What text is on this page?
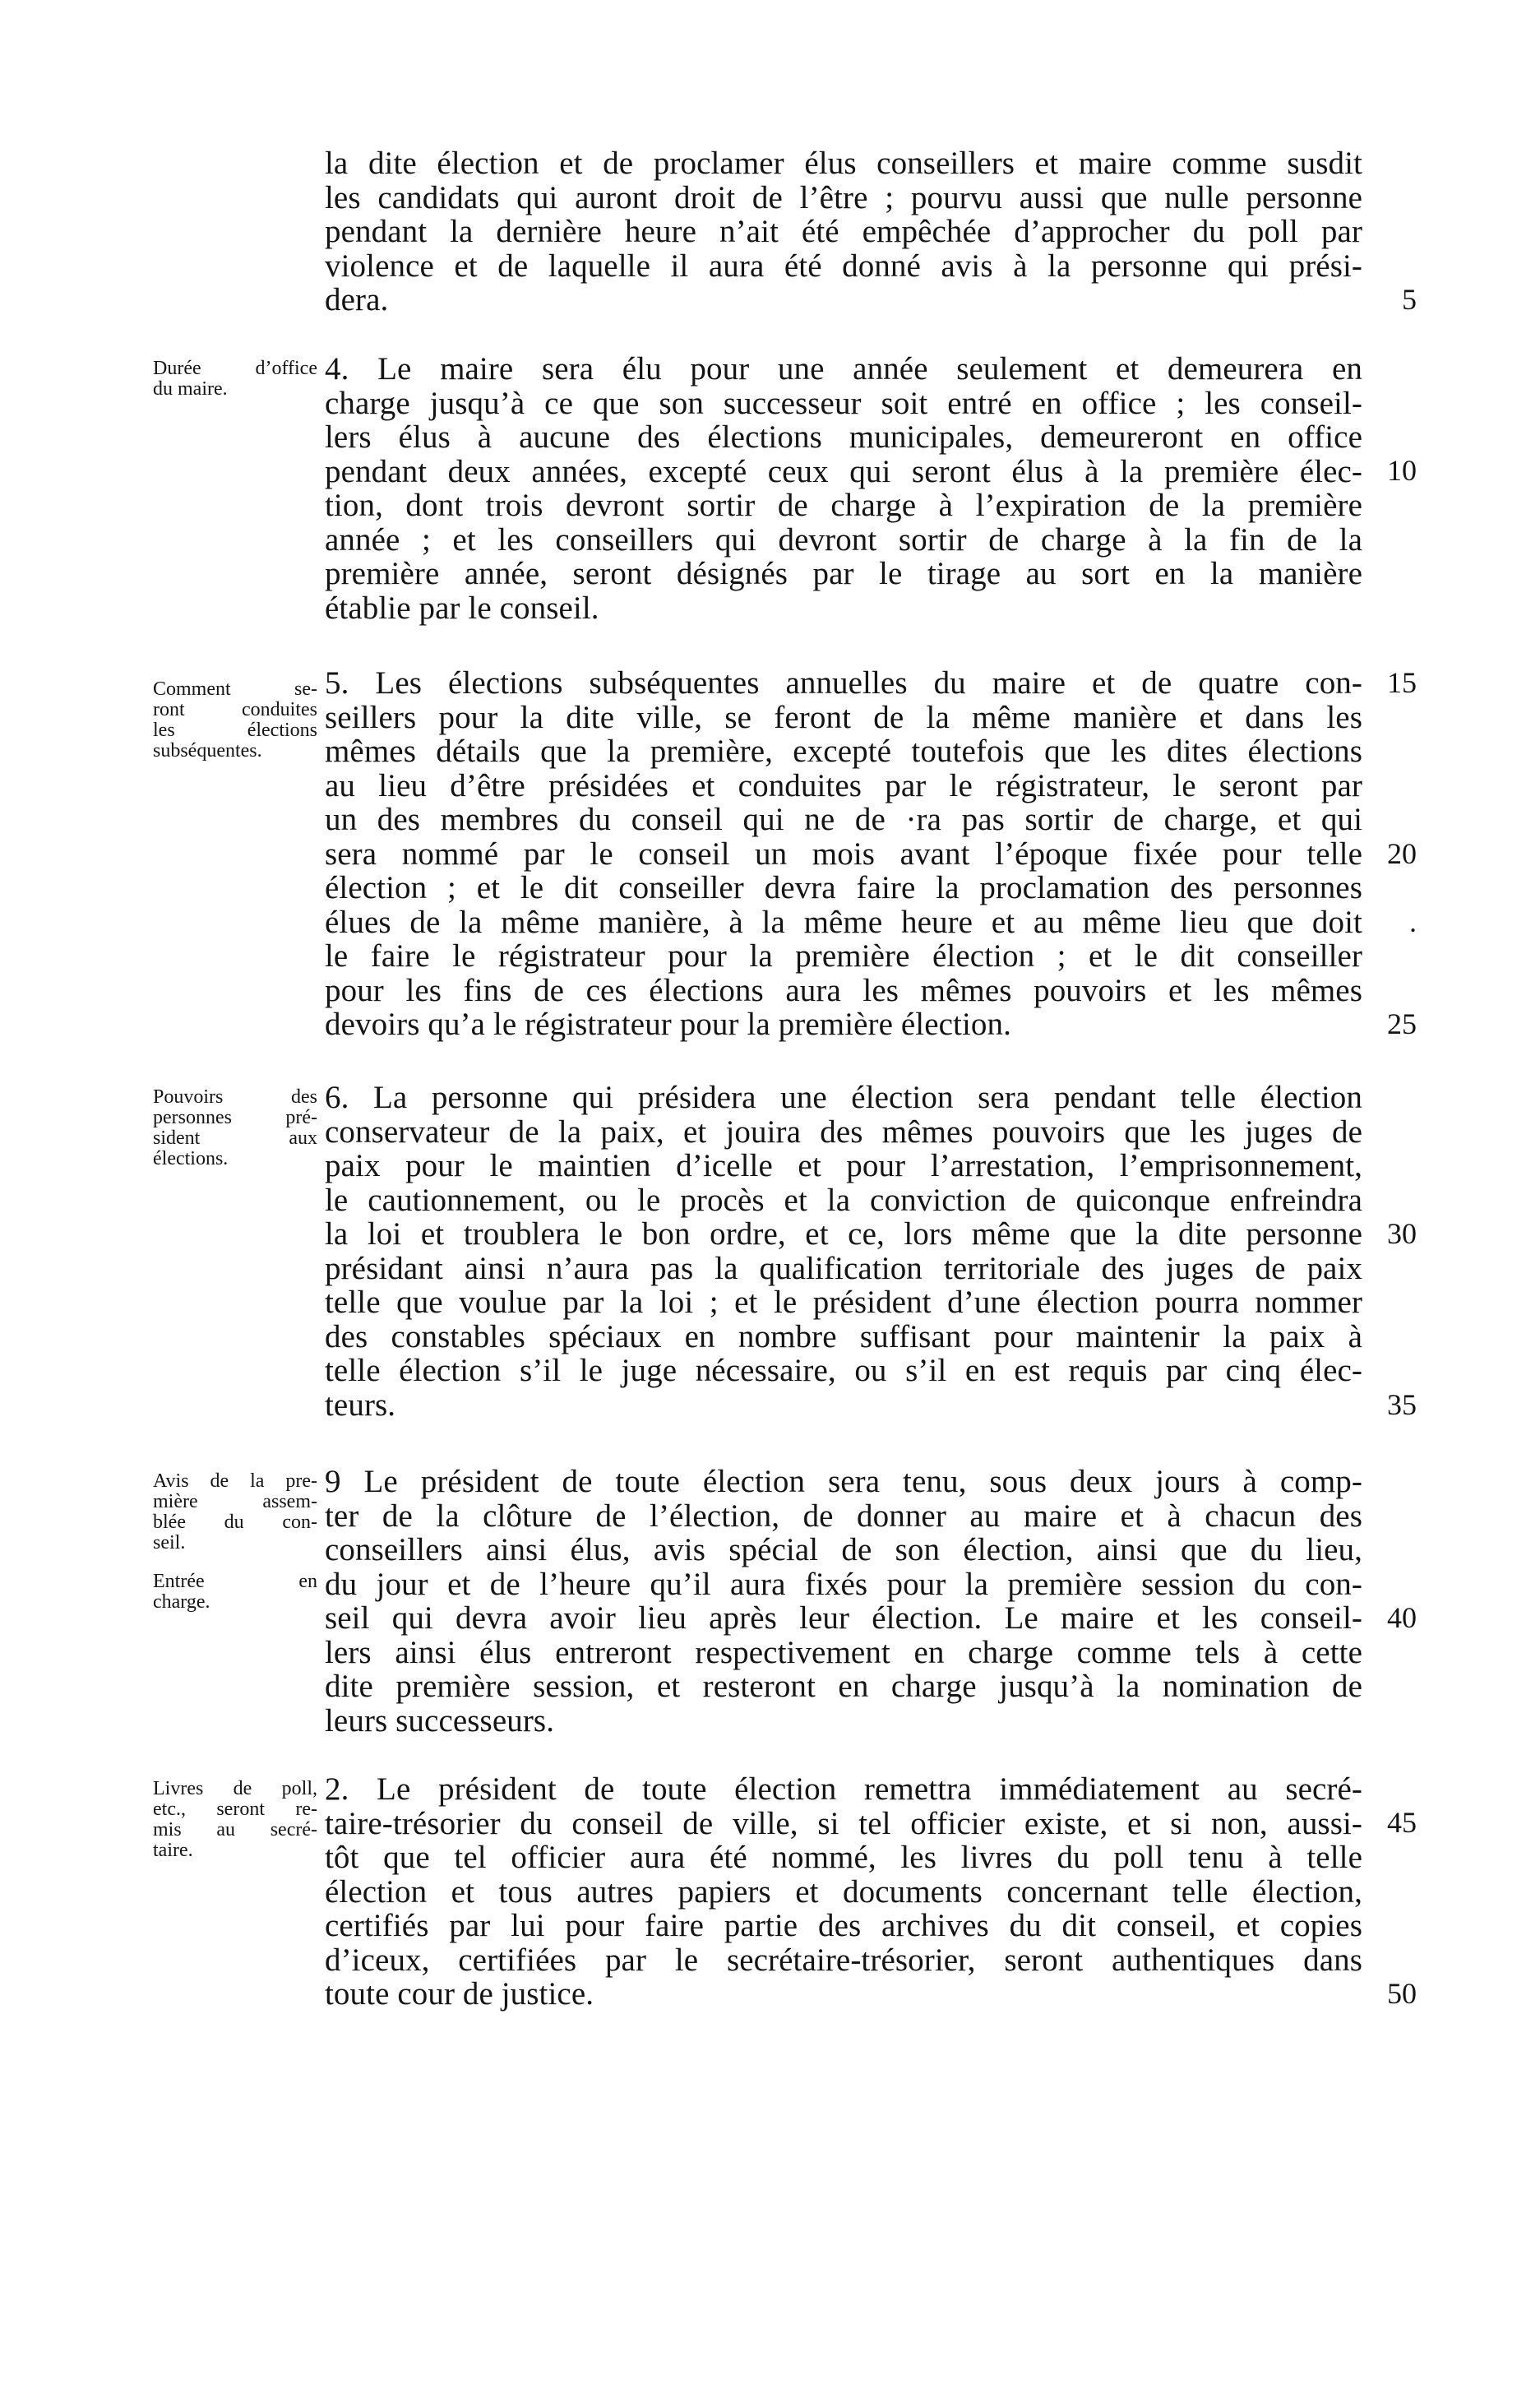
la dite élection et de proclamer élus conseillers et maire comme susdit
les candidats qui auront droit de l’être ; pourvu aussi que nulle personne
pendant la dernière heure n’ait été empêchée d’approcher du poll par
violence et de laquelle il aura été donné avis à la personne qui prési-
dera.	5
Durée d’office
du maire.
4. Le maire sera élu pour une année seulement et demeurera en
charge jusqu’à ce que son successeur soit entré en office ; les conseil-
lers élus à aucune des élections municipales, demeureront en office
pendant deux années, excepté ceux qui seront élus à la première élec-
tion, dont trois devront sortir de charge à l’expiration de la première
année ; et les conseillers qui devront sortir de charge à la fin de la
première année, seront désignés par le tirage au sort en la manière
établie par le conseil.
10
Comment se-
ront conduites
les élections
subséquentes.
5. Les élections subséquentes annuelles du maire et de quatre con-
seillers pour la dite ville, se feront de la même manière et dans les
mêmes détails que la première, excepté toutefois que les dites élections
au lieu d’être présidées et conduites par le régistrateur, le seront par
un des membres du conseil qui ne de ·ra pas sortir de charge, et qui
sera nommé par le conseil un mois avant l’époque fixée pour telle
élection ; et le dit conseiller devra faire la proclamation des personnes
élues de la même manière, à la même heure et au même lieu que doit
le faire le régistrateur pour la première élection ; et le dit conseiller
pour les fins de ces élections aura les mêmes pouvoirs et les mêmes
devoirs qu’a le régistrateur pour la première élection.
15
20
.
25
Pouvoirs des
personnes pré-
sident aux
élections.
6. La personne qui présidera une élection sera pendant telle élection
conservateur de la paix, et jouira des mêmes pouvoirs que les juges de
paix pour le maintien d’icelle et pour l’arrestation, l’emprisonnement,
le cautionnement, ou le procès et la conviction de quiconque enfreindra
la loi et troublera le bon ordre, et ce, lors même que la dite personne
présidant ainsi n’aura pas la qualification territoriale des juges de paix
telle que voulue par la loi ; et le président d’une élection pourra nommer
des constables spéciaux en nombre suffisant pour maintenir la paix à
telle élection s’il le juge nécessaire, ou s’il en est requis par cinq élec-
teurs.
30
35
Avis de la pre-
mière assem-
blée du con-
seil.
Entrée en
charge.
9 Le président de toute élection sera tenu, sous deux jours à comp-
ter de la clôture de l’élection, de donner au maire et à chacun des
conseillers ainsi élus, avis spécial de son élection, ainsi que du lieu,
du jour et de l’heure qu’il aura fixés pour la première session du con-
seil qui devra avoir lieu après leur élection. Le maire et les conseil-
lers ainsi élus entreront respectivement en charge comme tels à cette
dite première session, et resteront en charge jusqu’à la nomination de
leurs successeurs.
40
Livres de poll,
etc., seront re-
mis au secré-
taire.
2. Le président de toute élection remettra immédiatement au secré-
taire-trésorier du conseil de ville, si tel officier existe, et si non, aussi-
tôt que tel officier aura été nommé, les livres du poll tenu à telle
élection et tous autres papiers et documents concernant telle élection,
certifiés par lui pour faire partie des archives du dit conseil, et copies
d’iceux, certifiées par le secrétaire-trésorier, seront authentiques dans
toute cour de justice.
45
50
